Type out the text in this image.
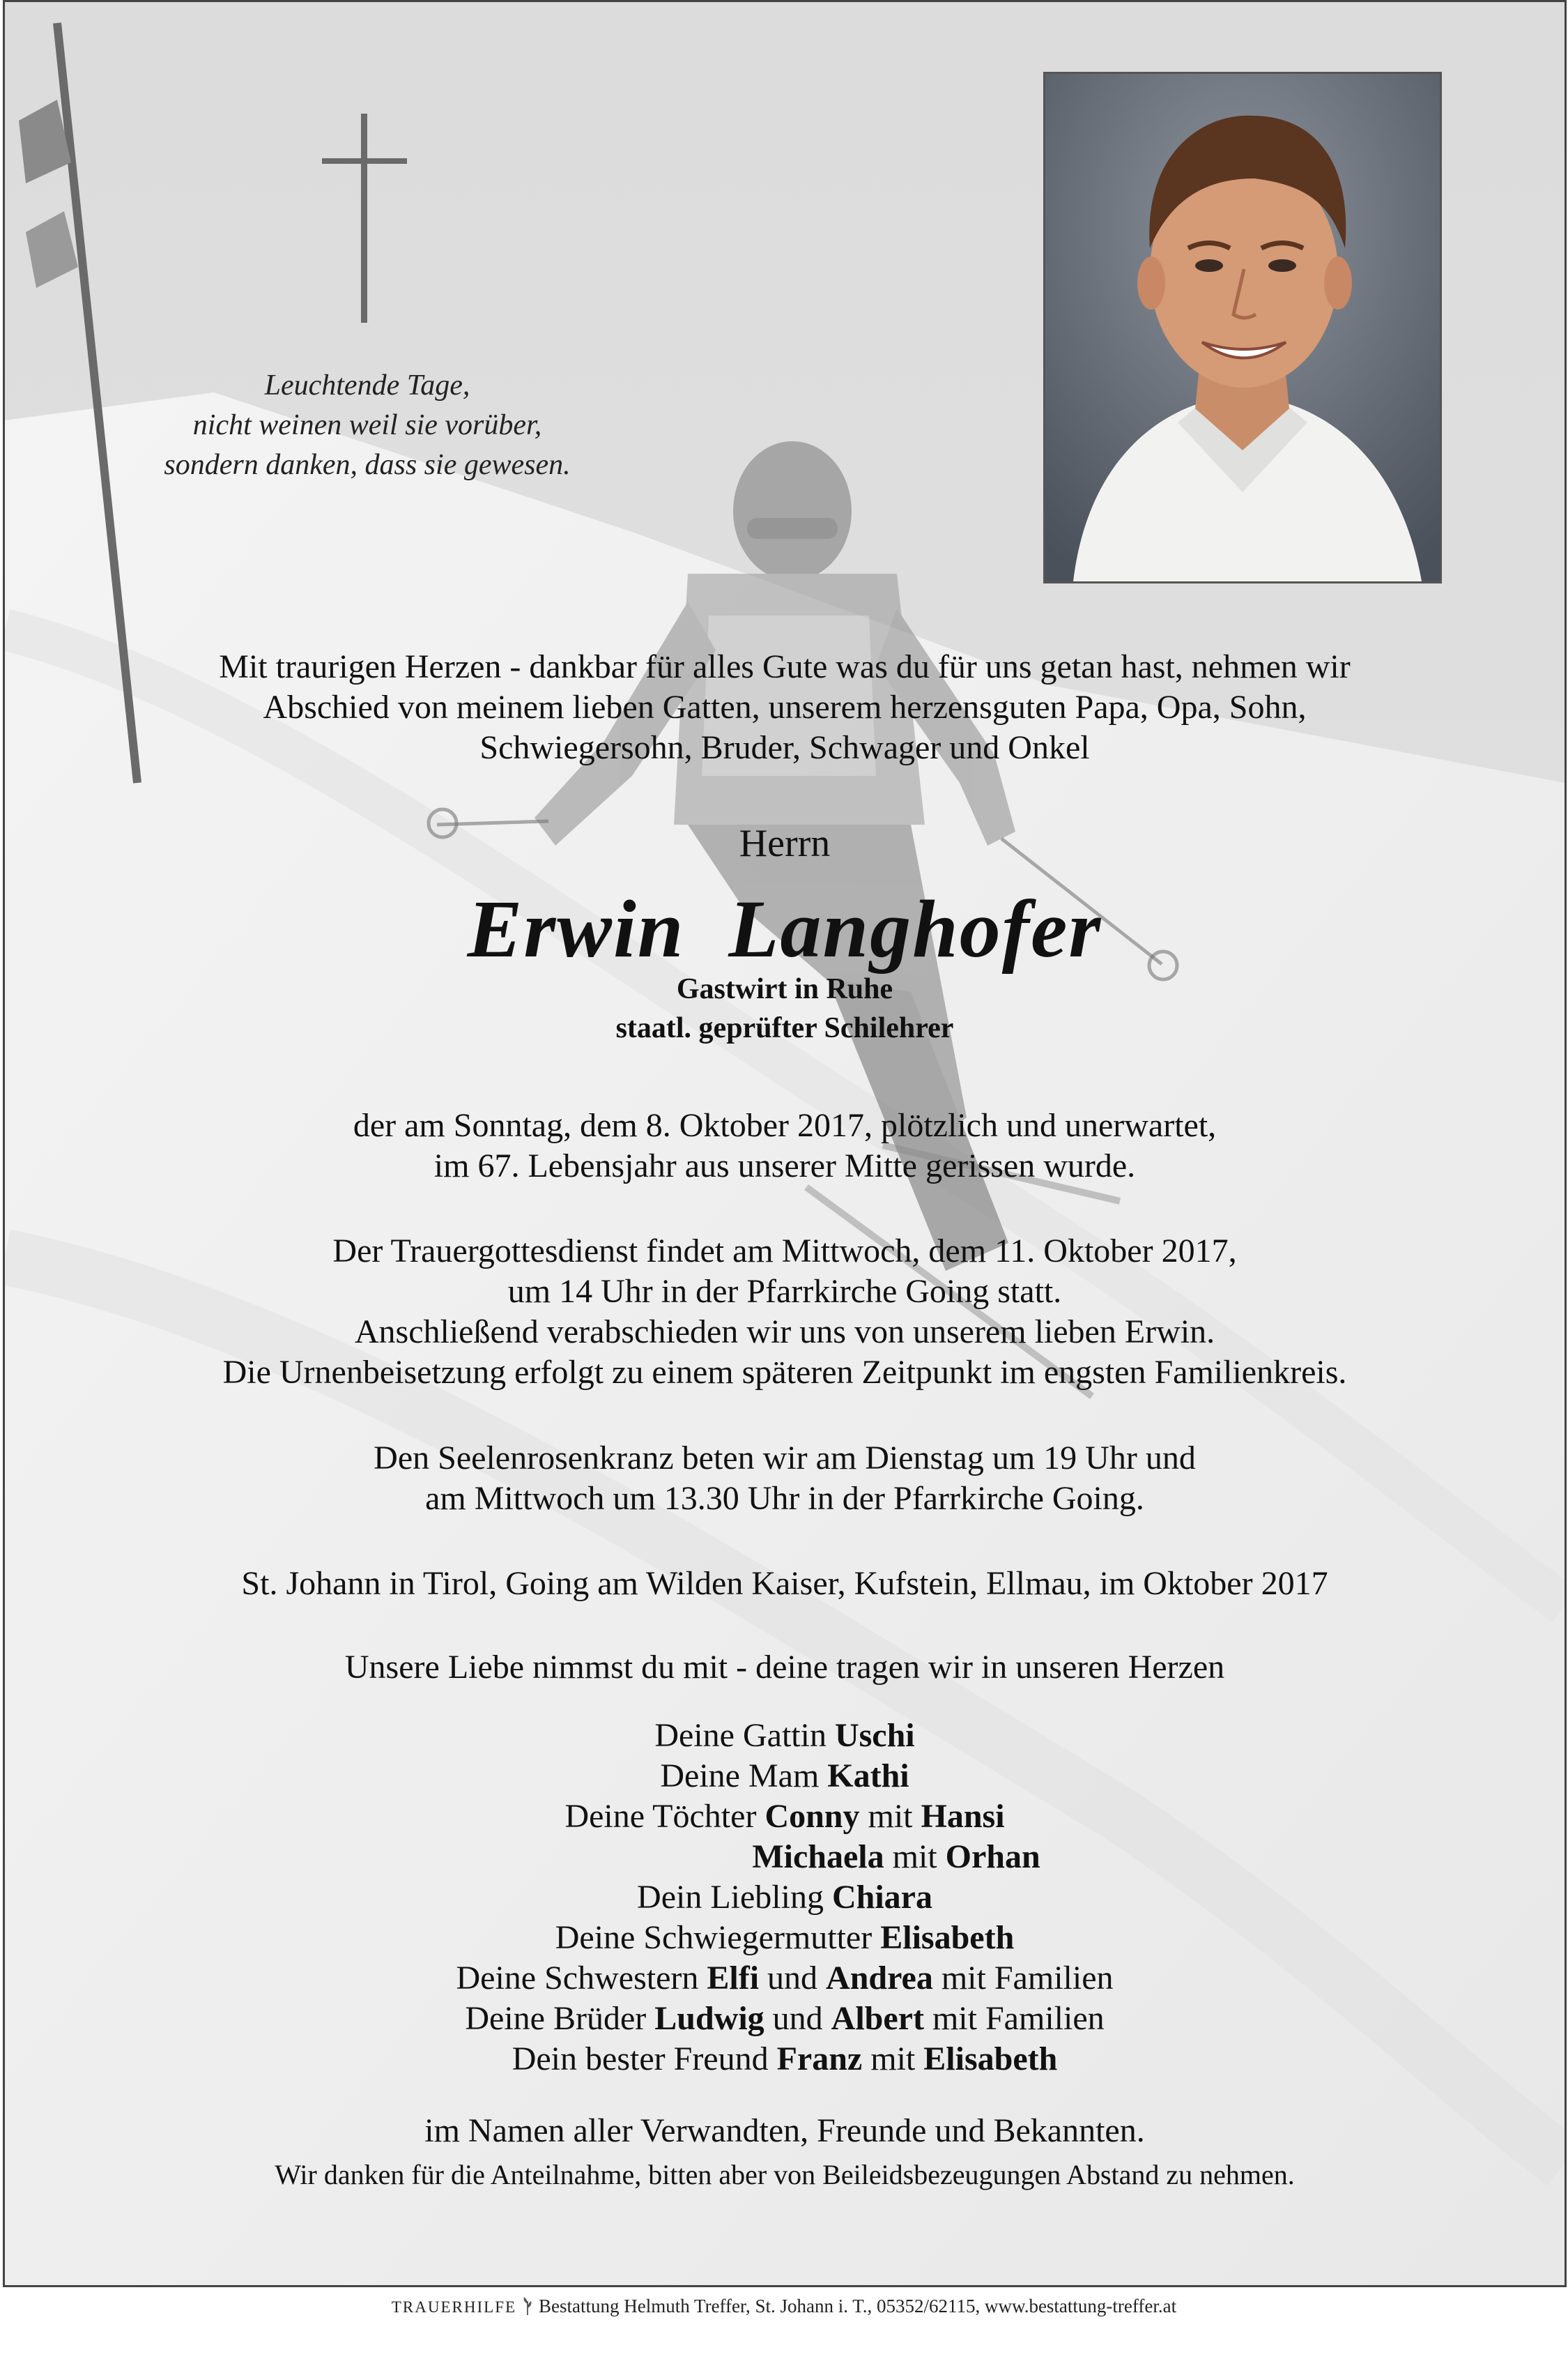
Leuchtende Tage,
nicht weinen weil sie vorüber,
sondern danken, dass sie gewesen.
Mit traurigen Herzen - dankbar für alles Gute was du für uns getan hast, nehmen wir
Abschied von meinem lieben Gatten, unserem herzensguten Papa, Opa, Sohn,
Schwiegersohn, Bruder, Schwager und Onkel
Herrn
Erwin  Langhofer
Gastwirt in Ruhe
staatl. geprüfter Schilehrer
der am Sonntag, dem 8. Oktober 2017, plötzlich und unerwartet,
im 67. Lebensjahr aus unserer Mitte gerissen wurde.
Der Trauergottesdienst findet am Mittwoch, dem 11. Oktober 2017,
um 14 Uhr in der Pfarrkirche Going statt.
Anschließend verabschieden wir uns von unserem lieben Erwin.
Die Urnenbeisetzung erfolgt zu einem späteren Zeitpunkt im engsten Familienkreis.
Den Seelenrosenkranz beten wir am Dienstag um 19 Uhr und
am Mittwoch um 13.30 Uhr in der Pfarrkirche Going.
St. Johann in Tirol, Going am Wilden Kaiser, Kufstein, Ellmau, im Oktober 2017
Unsere Liebe nimmst du mit - deine tragen wir in unseren Herzen
Deine Gattin Uschi
Deine Mam Kathi
Deine Töchter Conny mit Hansi
Michaela mit Orhan
Dein Liebling Chiara
Deine Schwiegermutter Elisabeth
Deine Schwestern Elfi und Andrea mit Familien
Deine Brüder Ludwig und Albert mit Familien
Dein bester Freund Franz mit Elisabeth
im Namen aller Verwandten, Freunde und Bekannten.
Wir danken für die Anteilnahme, bitten aber von Beileidsbezeugungen Abstand zu nehmen.
TRAUERHILFE Bestattung Helmuth Treffer, St. Johann i. T., 05352/62115, www.bestattung-treffer.at
